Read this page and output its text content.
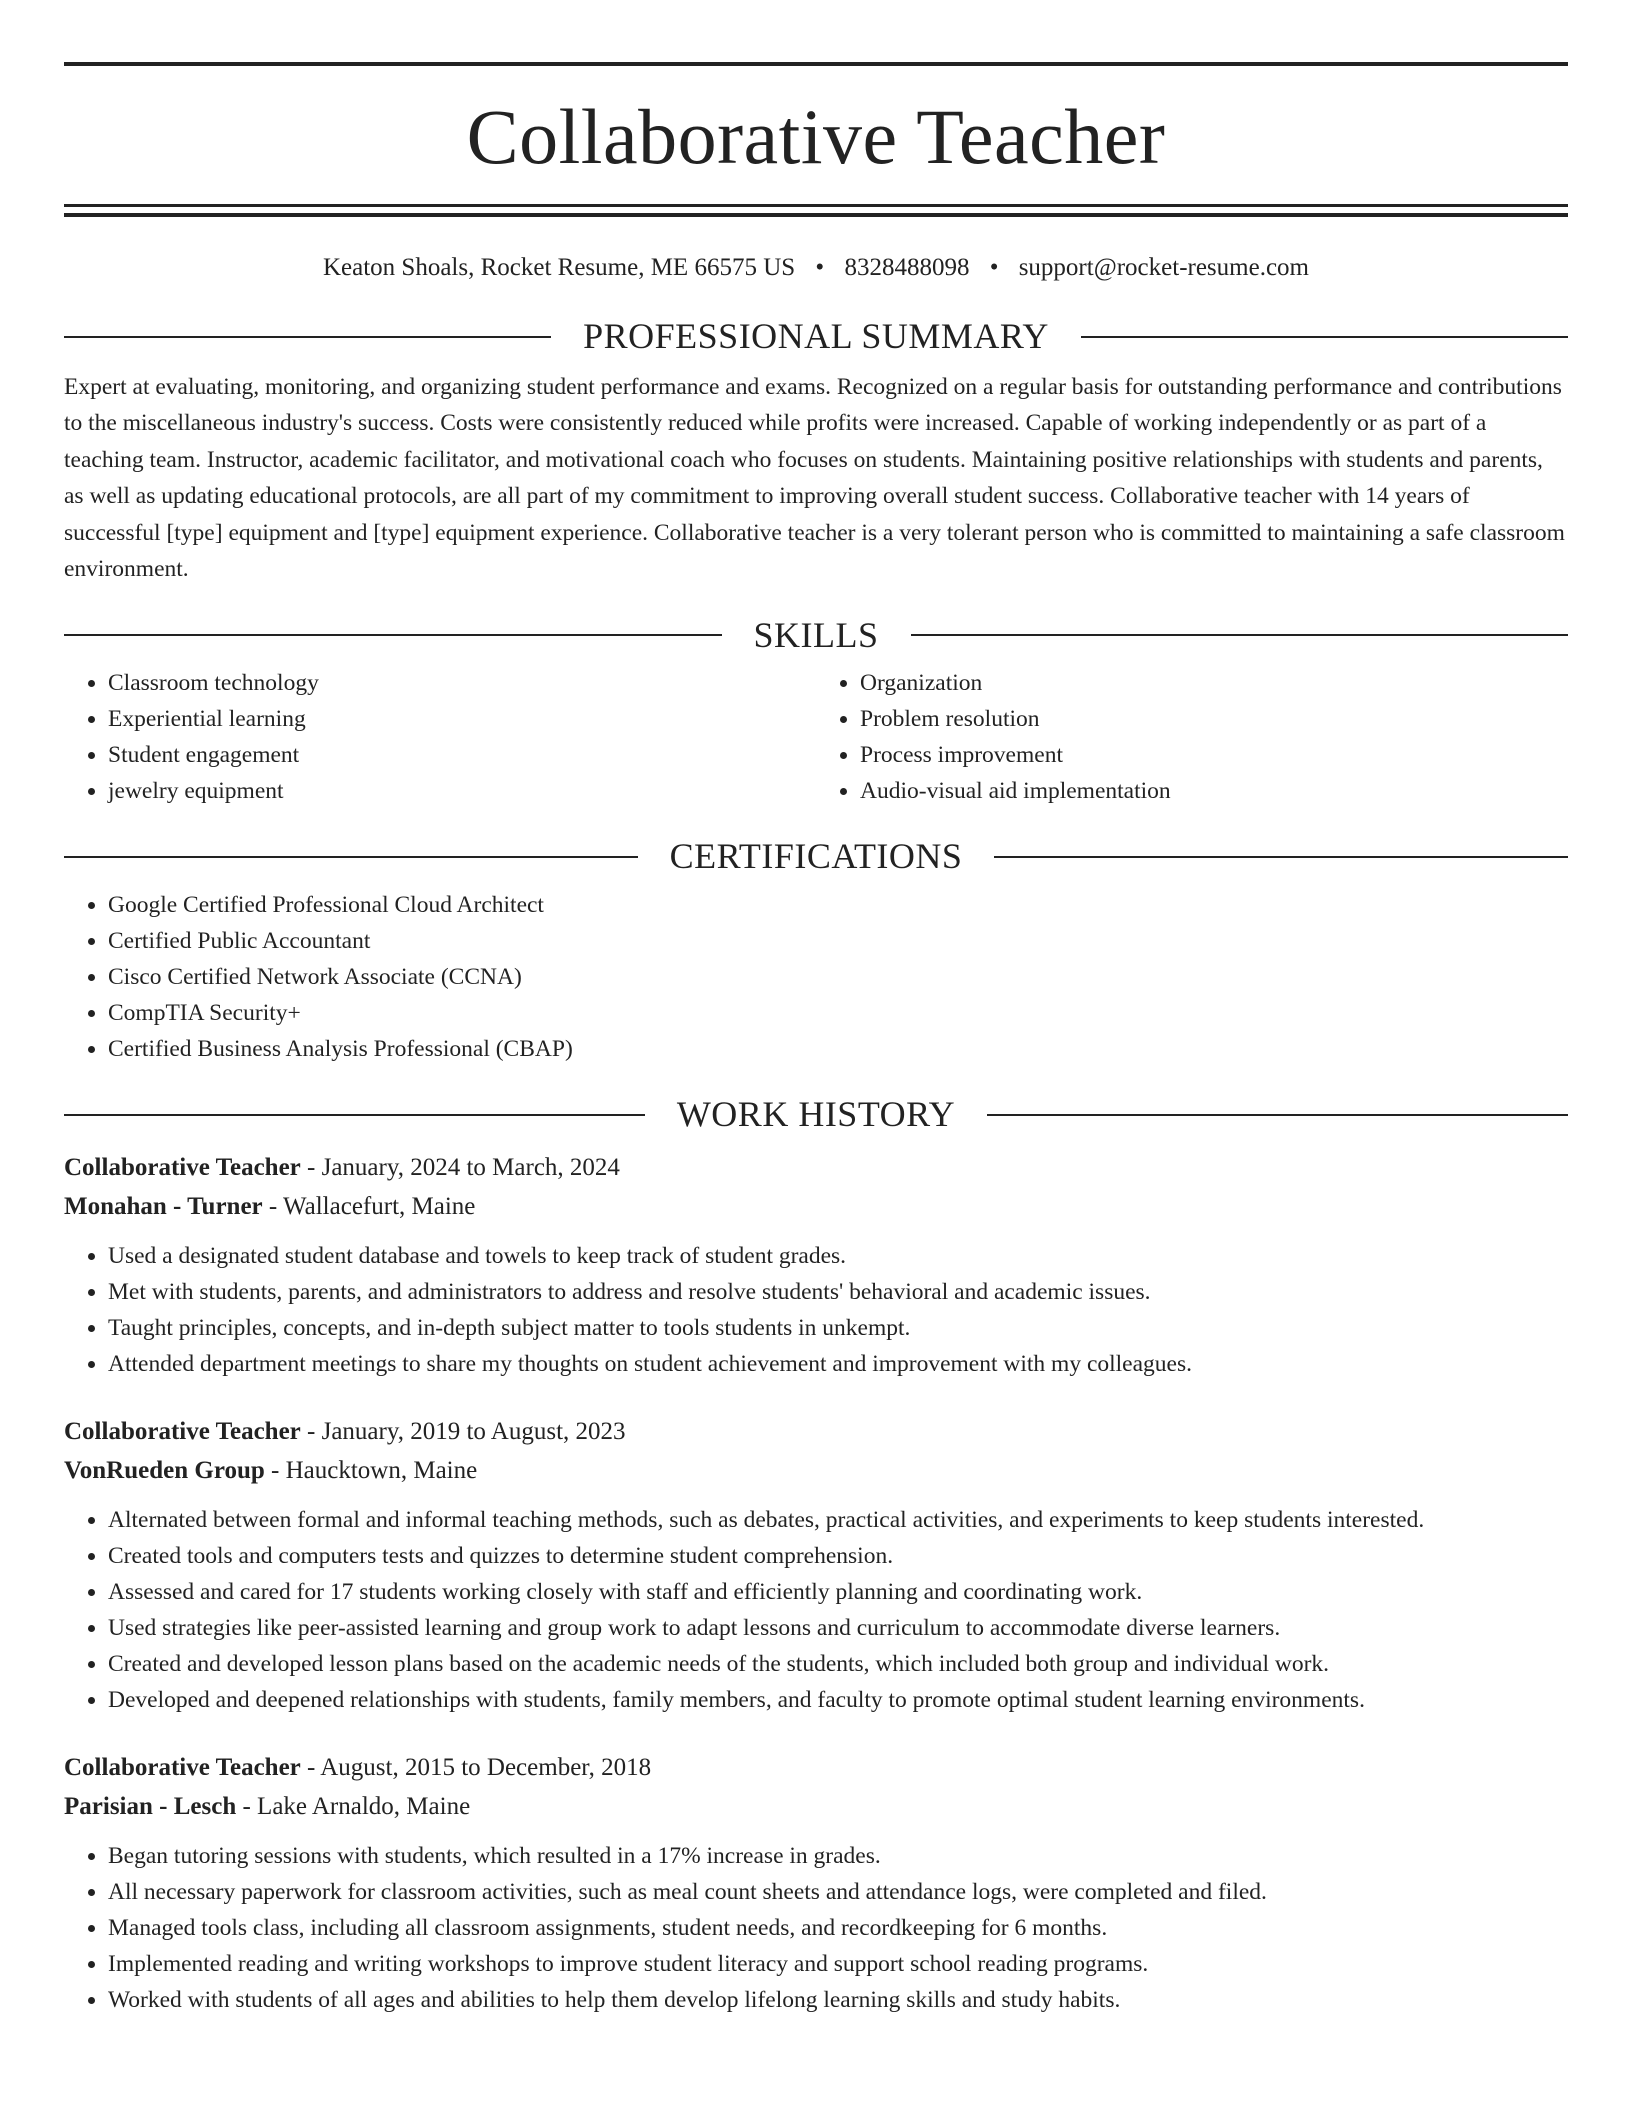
Collaborative Teacher
Keaton Shoals, Rocket Resume, ME 66575 US • 8328488098 • support@rocket-resume.com
PROFESSIONAL SUMMARY

Expert at evaluating, monitoring, and organizing student performance and exams. Recognized on a regular basis for outstanding performance and contributions to the miscellaneous industry's success. Costs were consistently reduced while profits were increased. Capable of working independently or as part of a teaching team. Instructor, academic facilitator, and motivational coach who focuses on students. Maintaining positive relationships with students and parents, as well as updating educational protocols, are all part of my commitment to improving overall student success. Collaborative teacher with 14 years of successful [type] equipment and [type] equipment experience. Collaborative teacher is a very tolerant person who is committed to maintaining a safe classroom environment.

SKILLS
• Classroom technology
• Experiential learning
• Student engagement
• jewelry equipment
• Organization
• Problem resolution
• Process improvement
• Audio-visual aid implementation
CERTIFICATIONS
• Google Certified Professional Cloud Architect
• Certified Public Accountant
• Cisco Certified Network Associate (CCNA)
• CompTIA Security+
• Certified Business Analysis Professional (CBAP)
WORK HISTORY
Collaborative Teacher - January, 2024 to March, 2024
Monahan - Turner - Wallacefurt, Maine
• Used a designated student database and towels to keep track of student grades.
• Met with students, parents, and administrators to address and resolve students' behavioral and academic issues.
• Taught principles, concepts, and in-depth subject matter to tools students in unkempt.
• Attended department meetings to share my thoughts on student achievement and improvement with my colleagues.
Collaborative Teacher - January, 2019 to August, 2023
VonRueden Group - Haucktown, Maine
• Alternated between formal and informal teaching methods, such as debates, practical activities, and experiments to keep students interested.
• Created tools and computers tests and quizzes to determine student comprehension.
• Assessed and cared for 17 students working closely with staff and efficiently planning and coordinating work.
• Used strategies like peer-assisted learning and group work to adapt lessons and curriculum to accommodate diverse learners.
• Created and developed lesson plans based on the academic needs of the students, which included both group and individual work.
• Developed and deepened relationships with students, family members, and faculty to promote optimal student learning environments.
Collaborative Teacher - August, 2015 to December, 2018
Parisian - Lesch - Lake Arnaldo, Maine
• Began tutoring sessions with students, which resulted in a 17% increase in grades.
• All necessary paperwork for classroom activities, such as meal count sheets and attendance logs, were completed and filed.
• Managed tools class, including all classroom assignments, student needs, and recordkeeping for 6 months.
• Implemented reading and writing workshops to improve student literacy and support school reading programs.
• Worked with students of all ages and abilities to help them develop lifelong learning skills and study habits.
